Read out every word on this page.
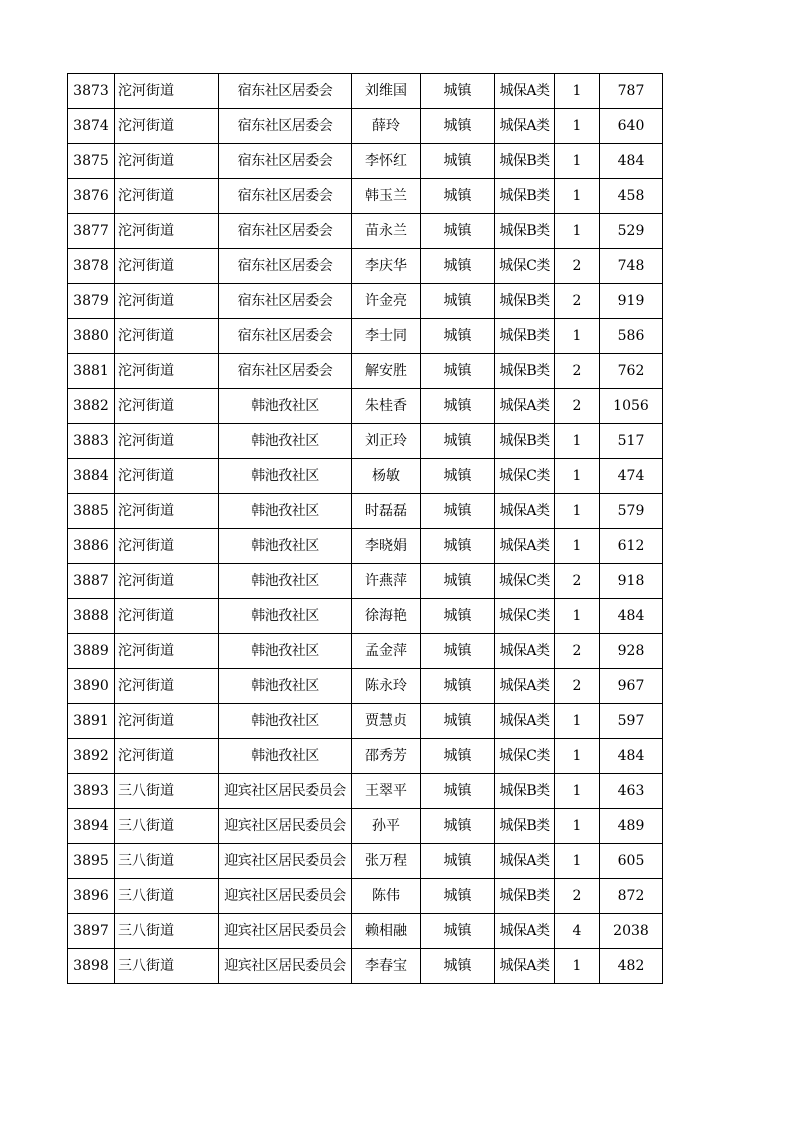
3873	沱河街道	宿东社区居委会	刘维国	城镇	城保A类	1	787
3874	沱河街道	宿东社区居委会	薛玲	城镇	城保A类	1	640
3875	沱河街道	宿东社区居委会	李怀红	城镇	城保B类	1	484
3876	沱河街道	宿东社区居委会	韩玉兰	城镇	城保B类	1	458
3877	沱河街道	宿东社区居委会	苗永兰	城镇	城保B类	1	529
3878	沱河街道	宿东社区居委会	李庆华	城镇	城保C类	2	748
3879	沱河街道	宿东社区居委会	许金亮	城镇	城保B类	2	919
3880	沱河街道	宿东社区居委会	李士同	城镇	城保B类	1	586
3881	沱河街道	宿东社区居委会	解安胜	城镇	城保B类	2	762
3882	沱河街道	韩池孜社区	朱桂香	城镇	城保A类	2	1056
3883	沱河街道	韩池孜社区	刘正玲	城镇	城保B类	1	517
3884	沱河街道	韩池孜社区	杨敏	城镇	城保C类	1	474
3885	沱河街道	韩池孜社区	时磊磊	城镇	城保A类	1	579
3886	沱河街道	韩池孜社区	李晓娟	城镇	城保A类	1	612
3887	沱河街道	韩池孜社区	许燕萍	城镇	城保C类	2	918
3888	沱河街道	韩池孜社区	徐海艳	城镇	城保C类	1	484
3889	沱河街道	韩池孜社区	孟金萍	城镇	城保A类	2	928
3890	沱河街道	韩池孜社区	陈永玲	城镇	城保A类	2	967
3891	沱河街道	韩池孜社区	贾慧贞	城镇	城保A类	1	597
3892	沱河街道	韩池孜社区	邵秀芳	城镇	城保C类	1	484
3893	三八街道	迎宾社区居民委员会	王翠平	城镇	城保B类	1	463
3894	三八街道	迎宾社区居民委员会	孙平	城镇	城保B类	1	489
3895	三八街道	迎宾社区居民委员会	张万程	城镇	城保A类	1	605
3896	三八街道	迎宾社区居民委员会	陈伟	城镇	城保B类	2	872
3897	三八街道	迎宾社区居民委员会	赖相融	城镇	城保A类	4	2038
3898	三八街道	迎宾社区居民委员会	李春宝	城镇	城保A类	1	482
